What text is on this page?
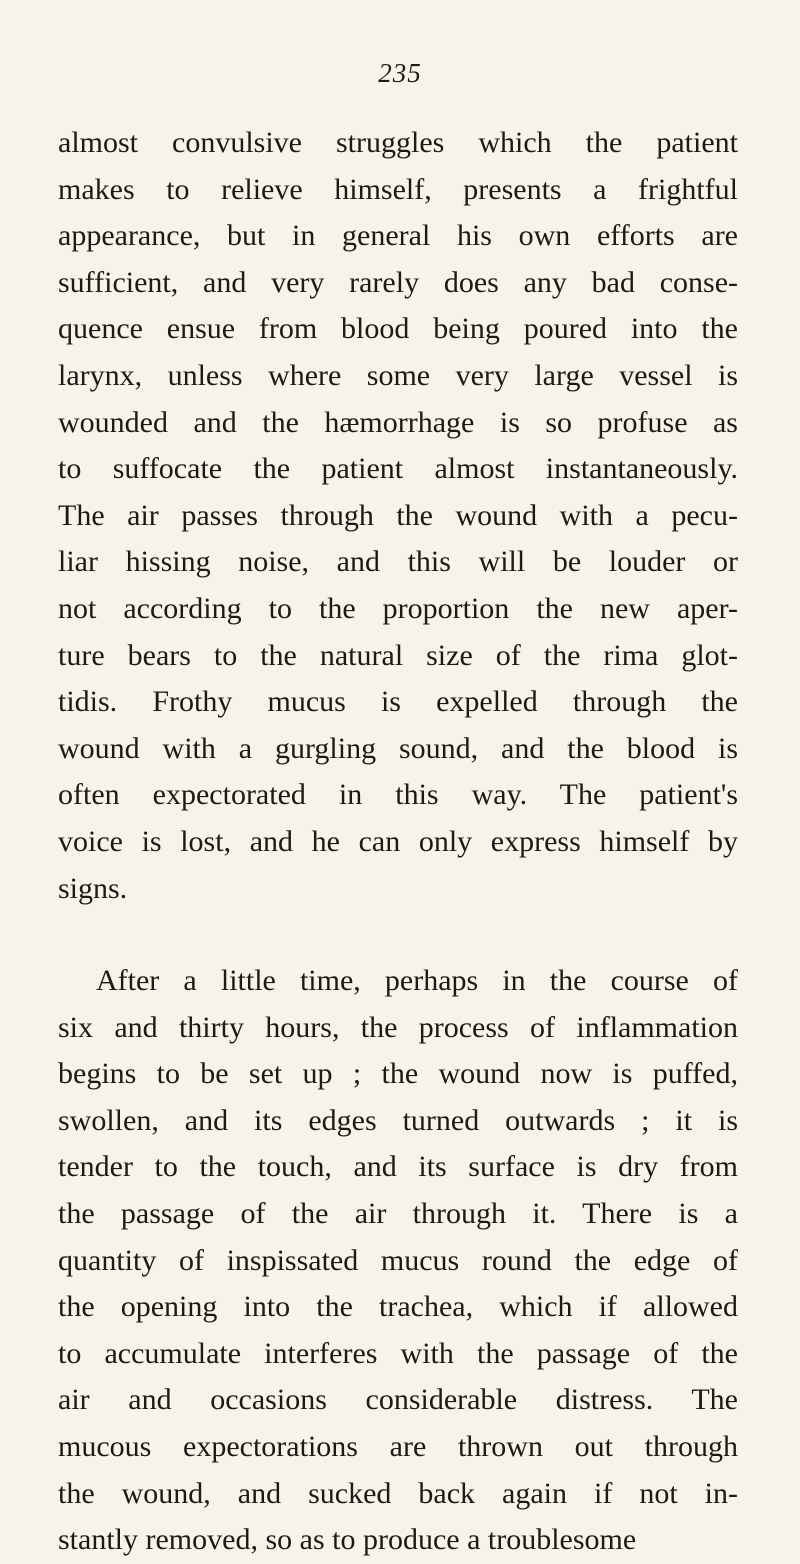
235
almost convulsive struggles which the patient
makes to relieve himself, presents a frightful
appearance, but in general his own efforts are
sufficient, and very rarely does any bad conse-
quence ensue from blood being poured into the
larynx, unless where some very large vessel is
wounded and the hæmorrhage is so profuse as
to suffocate the patient almost instantaneously.
The air passes through the wound with a pecu-
liar hissing noise, and this will be louder or
not according to the proportion the new aper-
ture bears to the natural size of the rima glot-
tidis. Frothy mucus is expelled through the
wound with a gurgling sound, and the blood is
often expectorated in this way. The patient's
voice is lost, and he can only express himself by
signs.
After a little time, perhaps in the course of
six and thirty hours, the process of inflammation
begins to be set up ; the wound now is puffed,
swollen, and its edges turned outwards ; it is
tender to the touch, and its surface is dry from
the passage of the air through it. There is a
quantity of inspissated mucus round the edge of
the opening into the trachea, which if allowed
to accumulate interferes with the passage of the
air and occasions considerable distress. The
mucous expectorations are thrown out through
the wound, and sucked back again if not in-
stantly removed, so as to produce a troublesome
